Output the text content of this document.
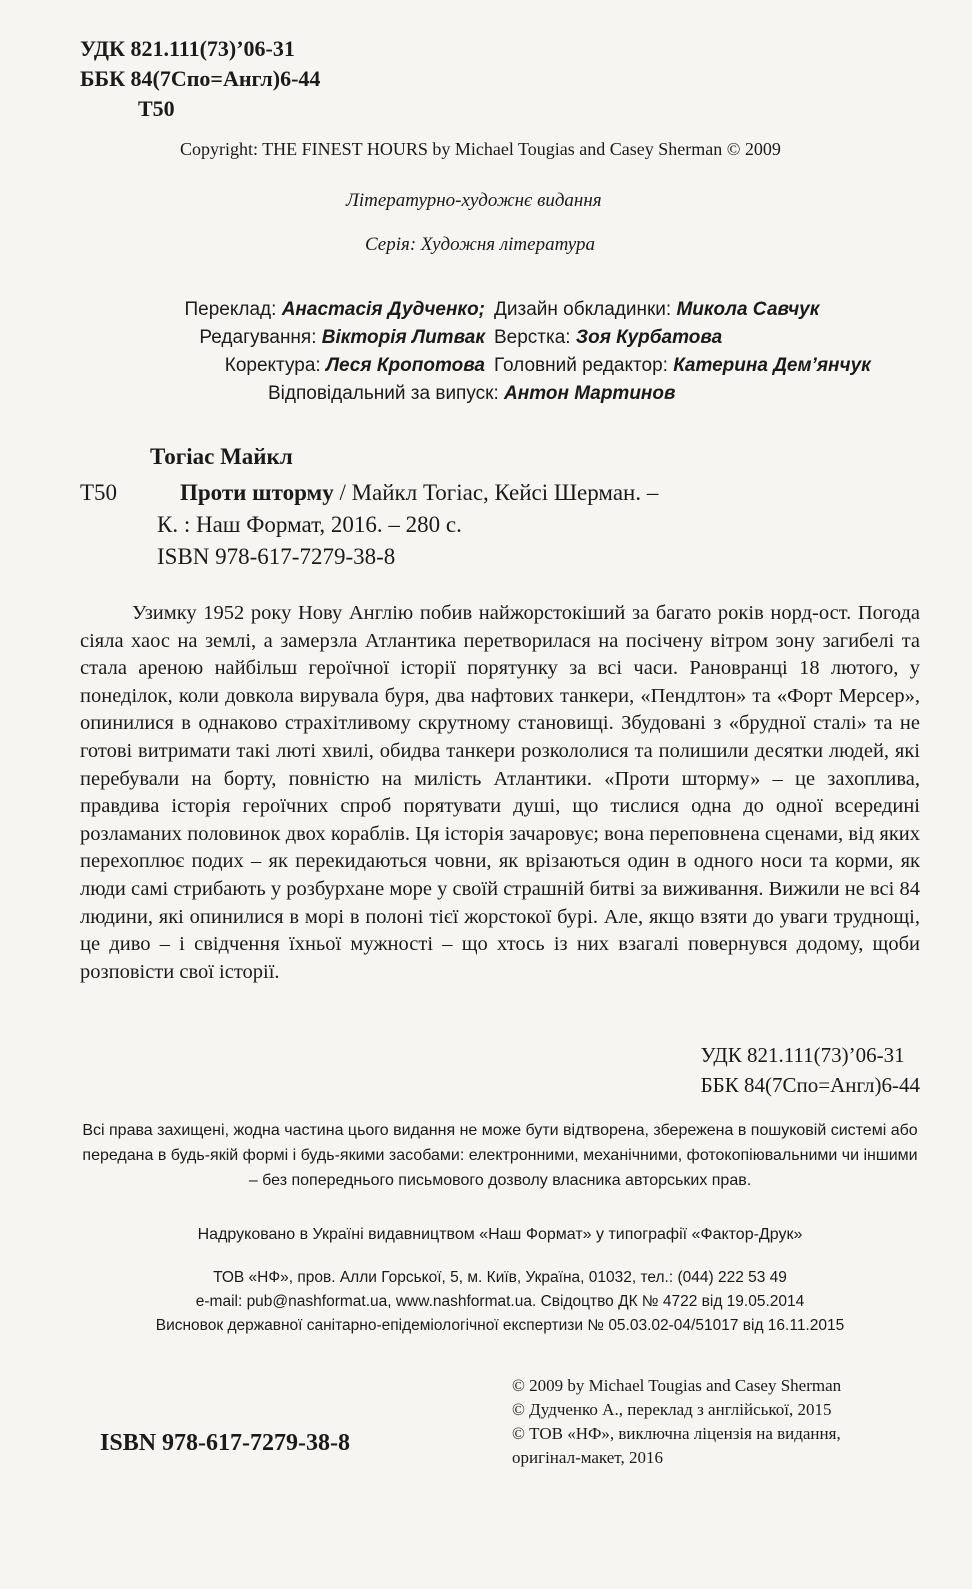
УДК 821.111(73)’06-31
ББК 84(7Спо=Англ)6-44
Т50
Copyright: THE FINEST HOURS by Michael Tougias and Casey Sherman © 2009
Літературно-художнє видання
Серія: Художня література
Переклад: Анастасія Дудченко;
Редагування: Вікторія Литвак
Коректура: Леся Кропотова
Дизайн обкладинки: Микола Савчук
Верстка: Зоя Курбатова
Головний редактор: Катерина Дем’янчук
Відповідальний за випуск: Антон Мартинов
Тогіас Майкл
Т50	Проти шторму / Майкл Тогіас, Кейсі Шерман. –
К. : Наш Формат, 2016. – 280 с.
ISBN 978-617-7279-38-8

Узимку 1952 року Нову Англію побив найжорстокіший за багато років норд-ост. Погода сіяла хаос на землі, а замерзла Атлантика перетворилася на посічену вітром зону загибелі та стала ареною найбільш героїчної історії порятунку за всі часи. Рановранці 18 лютого, у понеділок, коли довкола вирувала буря, два нафтових танкери, «Пендлтон» та «Форт Мерсер», опинилися в однаково страхітливому скрутному становищі. Збудовані з «брудної сталі» та не готові витримати такі люті хвилі, обидва танкери розкололися та полишили десятки людей, які перебували на борту, повністю на милість Атлантики. «Проти шторму» – це захоплива, правдива історія героїчних спроб порятувати душі, що тислися одна до одної всередині розламаних половинок двох кораблів. Ця історія зачаровує; вона переповнена сценами, від яких перехоплює подих – як перекидаються човни, як врізаються один в одного носи та корми, як люди самі стрибають у розбурхане море у своїй страшній битві за виживання. Вижили не всі 84 людини, які опинилися в морі в полоні тієї жорстокої бурі. Але, якщо взяти до уваги труднощі, це диво – і свідчення їхньої мужності – що хтось із них взагалі повернувся додому, щоби розповісти свої історії.

УДК 821.111(73)’06-31
ББК 84(7Спо=Англ)6-44

Всі права захищені, жодна частина цього видання не може бути відтворена, збережена в пошуковій системі або передана в будь-якій формі і будь-якими засобами: електронними, механічними, фотокопіювальними чи іншими – без попереднього письмового дозволу власника авторських прав.

Надруковано в Україні видавництвом «Наш Формат» у типографії «Фактор-Друк»
ТОВ «НФ», пров. Алли Горської, 5, м. Київ, Україна, 01032, тел.: (044) 222 53 49
e-mail: pub@nashformat.ua, www.nashformat.ua. Свідоцтво ДК № 4722 від 19.05.2014
Висновок державної санітарно-епідеміологічної експертизи № 05.03.02-04/51017 від 16.11.2015
© 2009 by Michael Tougias and Casey Sherman
© Дудченко А., переклад з англійської, 2015
© ТОВ «НФ», виключна ліцензія на видання,
оригінал-макет, 2016
ISBN 978-617-7279-38-8
